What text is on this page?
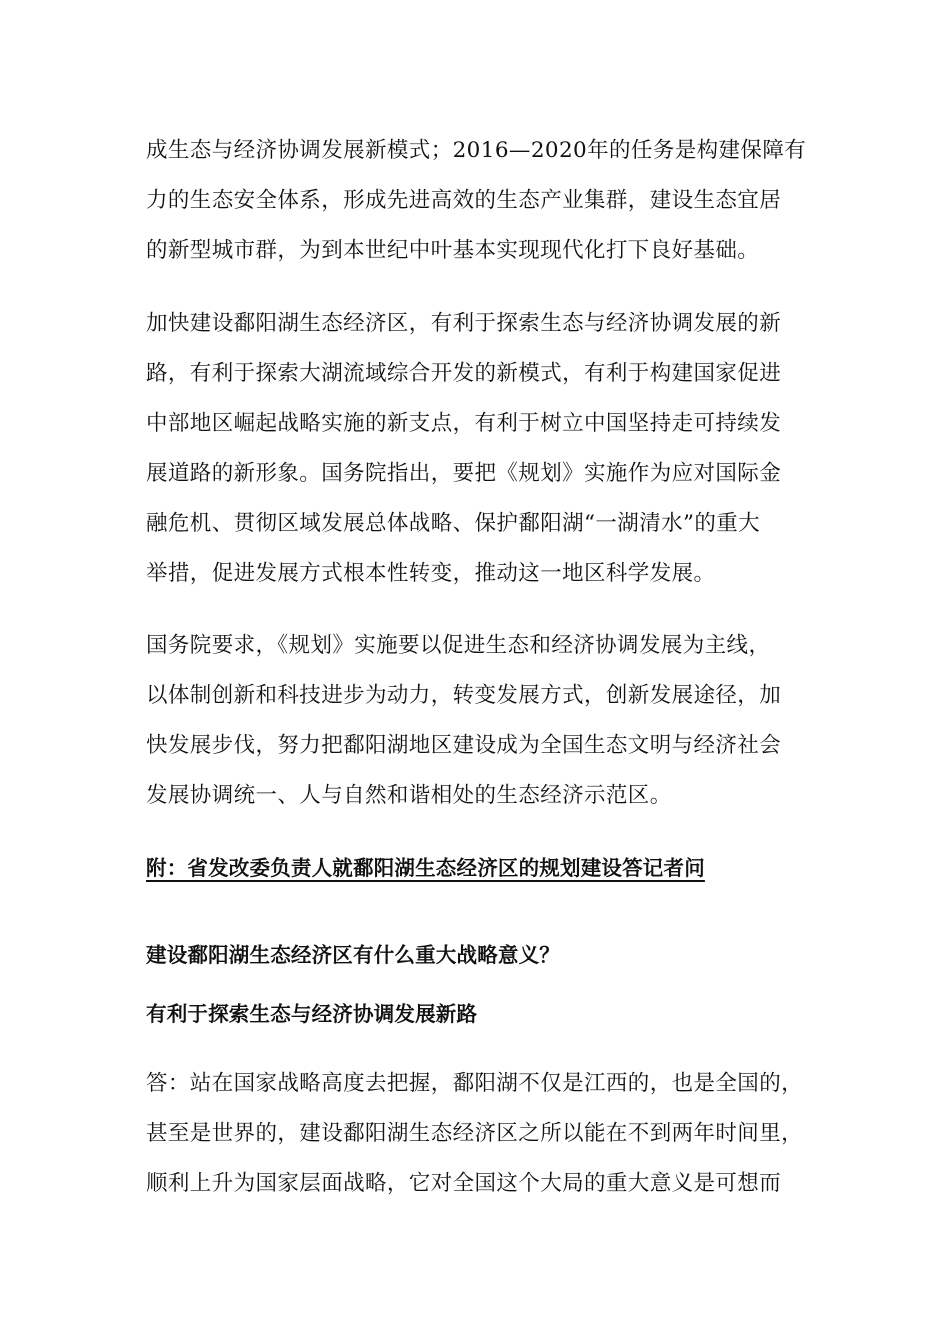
成生态与经济协调发展新模式；2016—2020年的任务是构建保障有
力的生态安全体系，形成先进高效的生态产业集群，建设生态宜居
的新型城市群，为到本世纪中叶基本实现现代化打下良好基础。
加快建设鄱阳湖生态经济区，有利于探索生态与经济协调发展的新
路，有利于探索大湖流域综合开发的新模式，有利于构建国家促进
中部地区崛起战略实施的新支点，有利于树立中国坚持走可持续发
展道路的新形象。国务院指出，要把《规划》实施作为应对国际金
融危机、贯彻区域发展总体战略、保护鄱阳湖“一湖清水”的重大
举措，促进发展方式根本性转变，推动这一地区科学发展。
国务院要求，《规划》实施要以促进生态和经济协调发展为主线，
以体制创新和科技进步为动力，转变发展方式，创新发展途径，加
快发展步伐，努力把鄱阳湖地区建设成为全国生态文明与经济社会
发展协调统一、人与自然和谐相处的生态经济示范区。
附：省发改委负责人就鄱阳湖生态经济区的规划建设答记者问
建设鄱阳湖生态经济区有什么重大战略意义？
有利于探索生态与经济协调发展新路
答：站在国家战略高度去把握，鄱阳湖不仅是江西的，也是全国的，
甚至是世界的，建设鄱阳湖生态经济区之所以能在不到两年时间里，
顺利上升为国家层面战略，它对全国这个大局的重大意义是可想而
